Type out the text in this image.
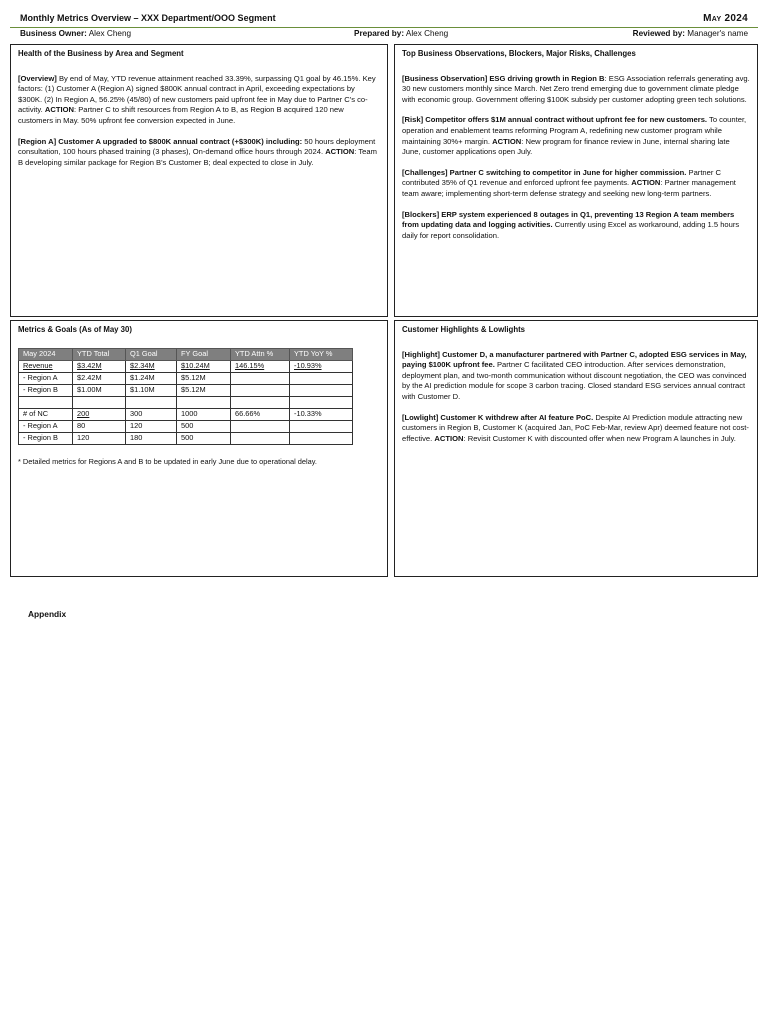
Monthly Metrics Overview – XXX Department/OOO Segment	May 2024
Business Owner: Alex Cheng	Prepared by: Alex Cheng	Reviewed by: Manager's name
Health of the Business by Area and Segment

[Overview] By end of May, YTD revenue attainment reached 33.39%, surpassing Q1 goal by 46.15%. Key factors: (1) Customer A (Region A) signed $800K annual contract in April, exceeding expectations by $300K. (2) In Region A, 56.25% (45/80) of new customers paid upfront fee in May due to Partner C's co-activity. ACTION: Partner C to shift resources from Region A to B, as Region B acquired 120 new customers in May. 50% upfront fee conversion expected in June.

[Region A] Customer A upgraded to $800K annual contract (+$300K) including: 50 hours deployment consultation, 100 hours phased training (3 phases), On-demand office hours through 2024. ACTION: Team B developing similar package for Region B's Customer B; deal expected to close in July.

Top Business Observations, Blockers, Major Risks, Challenges

[Business Observation] ESG driving growth in Region B: ESG Association referrals generating avg. 30 new customers monthly since March. Net Zero trend emerging due to government climate pledge with economic group. Government offering $100K subsidy per customer adopting green tech solutions.

[Risk] Competitor offers $1M annual contract without upfront fee for new customers. To counter, operation and enablement teams reforming Program A, redefining new customer program while maintaining 30%+ margin. ACTION: New program for finance review in June, internal sharing late June, customer applications open July.

[Challenges] Partner C switching to competitor in June for higher commission. Partner C contributed 35% of Q1 revenue and enforced upfront fee payments. ACTION: Partner management team aware; implementing short-term defense strategy and seeking new long-term partners.

[Blockers] ERP system experienced 8 outages in Q1, preventing 13 Region A team members from updating data and logging activities. Currently using Excel as workaround, adding 1.5 hours daily for report consolidation.

Metrics & Goals (As of May 30)
May 2024	YTD Total	Q1 Goal	FY Goal	YTD Attn %	YTD YoY %
Revenue	$3.42M	$2.34M	$10.24M	146.15%	-10.93%
- Region A	$2.42M	$1.24M	$5.12M		
- Region B	$1.00M	$1.10M	$5.12M		

# of NC	200	300	1000	66.66%	-10.33%
- Region A	80	120	500		
- Region B	120	180	500		
* Detailed metrics for Regions A and B to be updated in early June due to operational delay.
Customer Highlights & Lowlights

[Highlight] Customer D, a manufacturer partnered with Partner C, adopted ESG services in May, paying $100K upfront fee. Partner C facilitated CEO introduction. After services demonstration, deployment plan, and two-month communication without discount negotiation, the CEO was convinced by the AI prediction module for scope 3 carbon tracing. Closed standard ESG services annual contract with Customer D.

[Lowlight] Customer K withdrew after AI feature PoC. Despite AI Prediction module attracting new customers in Region B, Customer K (acquired Jan, PoC Feb-Mar, review Apr) deemed feature not cost-effective. ACTION: Revisit Customer K with discounted offer when new Program A launches in July.

Appendix
